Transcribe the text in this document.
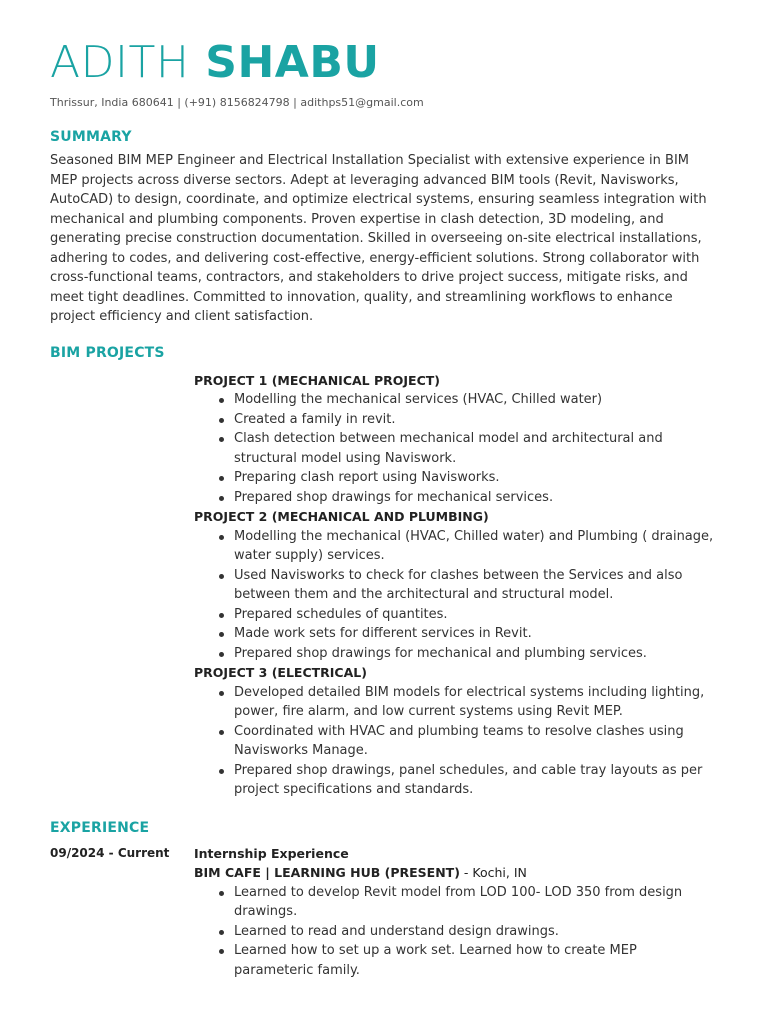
ADITH SHABU
Thrissur, India 680641 | (+91) 8156824798 | adithps51@gmail.com
SUMMARY
Seasoned BIM MEP Engineer and Electrical Installation Specialist with extensive experience in BIM MEP projects across diverse sectors. Adept at leveraging advanced BIM tools (Revit, Navisworks, AutoCAD) to design, coordinate, and optimize electrical systems, ensuring seamless integration with mechanical and plumbing components. Proven expertise in clash detection, 3D modeling, and generating precise construction documentation. Skilled in overseeing on-site electrical installations, adhering to codes, and delivering cost-effective, energy-efficient solutions. Strong collaborator with cross-functional teams, contractors, and stakeholders to drive project success, mitigate risks, and meet tight deadlines. Committed to innovation, quality, and streamlining workflows to enhance project efficiency and client satisfaction.
BIM PROJECTS
PROJECT 1 (MECHANICAL PROJECT)
Modelling the mechanical services (HVAC, Chilled water)
Created a family in revit.
Clash detection between mechanical model and architectural and structural model using Naviswork.
Preparing clash report using Navisworks.
Prepared shop drawings for mechanical services.
PROJECT 2 (MECHANICAL AND PLUMBING)
Modelling the mechanical (HVAC, Chilled water) and Plumbing ( drainage, water supply) services.
Used Navisworks to check for clashes between the Services and also between them and the architectural and structural model.
Prepared schedules of quantites.
Made work sets for different services in Revit.
Prepared shop drawings for mechanical and plumbing services.
PROJECT 3 (ELECTRICAL)
Developed detailed BIM models for electrical systems including lighting, power, fire alarm, and low current systems using Revit MEP.
Coordinated with HVAC and plumbing teams to resolve clashes using Navisworks Manage.
Prepared shop drawings, panel schedules, and cable tray layouts as per project specifications and standards.
EXPERIENCE
09/2024 - Current	Internship Experience
BIM CAFE | LEARNING HUB (PRESENT) - Kochi, IN
Learned to develop Revit model from LOD 100- LOD 350 from design drawings.
Learned to read and understand design drawings.
Learned how to set up a work set. Learned how to create MEP parameteric family.
